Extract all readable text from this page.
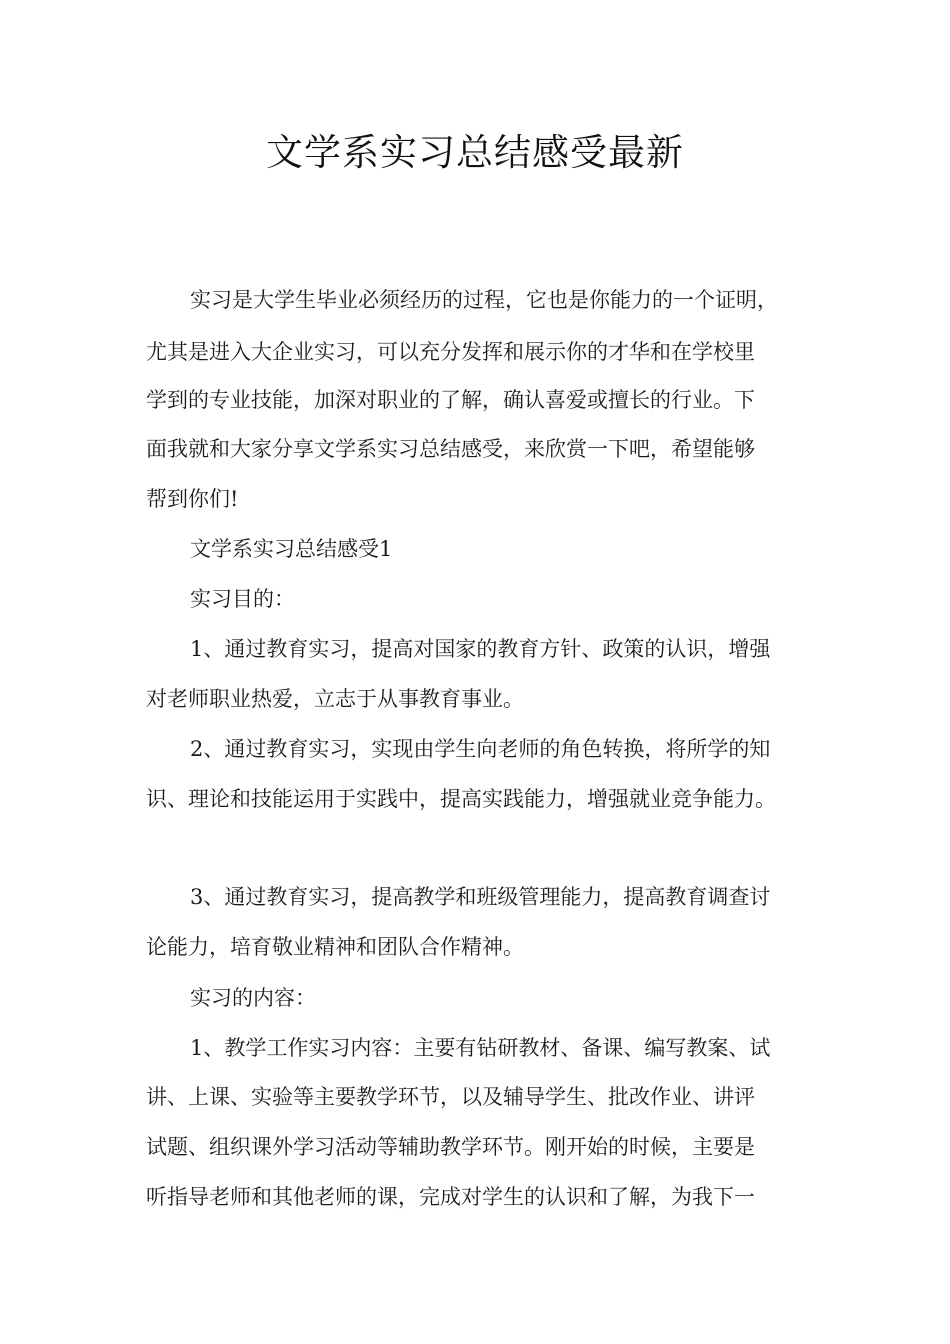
文学系实习总结感受最新
实习是大学生毕业必须经历的过程，它也是你能力的一个证明，
尤其是进入大企业实习，可以充分发挥和展示你的才华和在学校里
学到的专业技能，加深对职业的了解，确认喜爱或擅长的行业。下
面我就和大家分享文学系实习总结感受，来欣赏一下吧，希望能够
帮到你们!
文学系实习总结感受1
实习目的：
1、通过教育实习，提高对国家的教育方针、政策的认识，增强
对老师职业热爱，立志于从事教育事业。
2、通过教育实习，实现由学生向老师的角色转换，将所学的知
识、理论和技能运用于实践中，提高实践能力，增强就业竞争能力。
3、通过教育实习，提高教学和班级管理能力，提高教育调查讨
论能力，培育敬业精神和团队合作精神。
实习的内容：
1、教学工作实习内容：主要有钻研教材、备课、编写教案、试
讲、上课、实验等主要教学环节，以及辅导学生、批改作业、讲评
试题、组织课外学习活动等辅助教学环节。刚开始的时候，主要是
听指导老师和其他老师的课，完成对学生的认识和了解，为我下一
